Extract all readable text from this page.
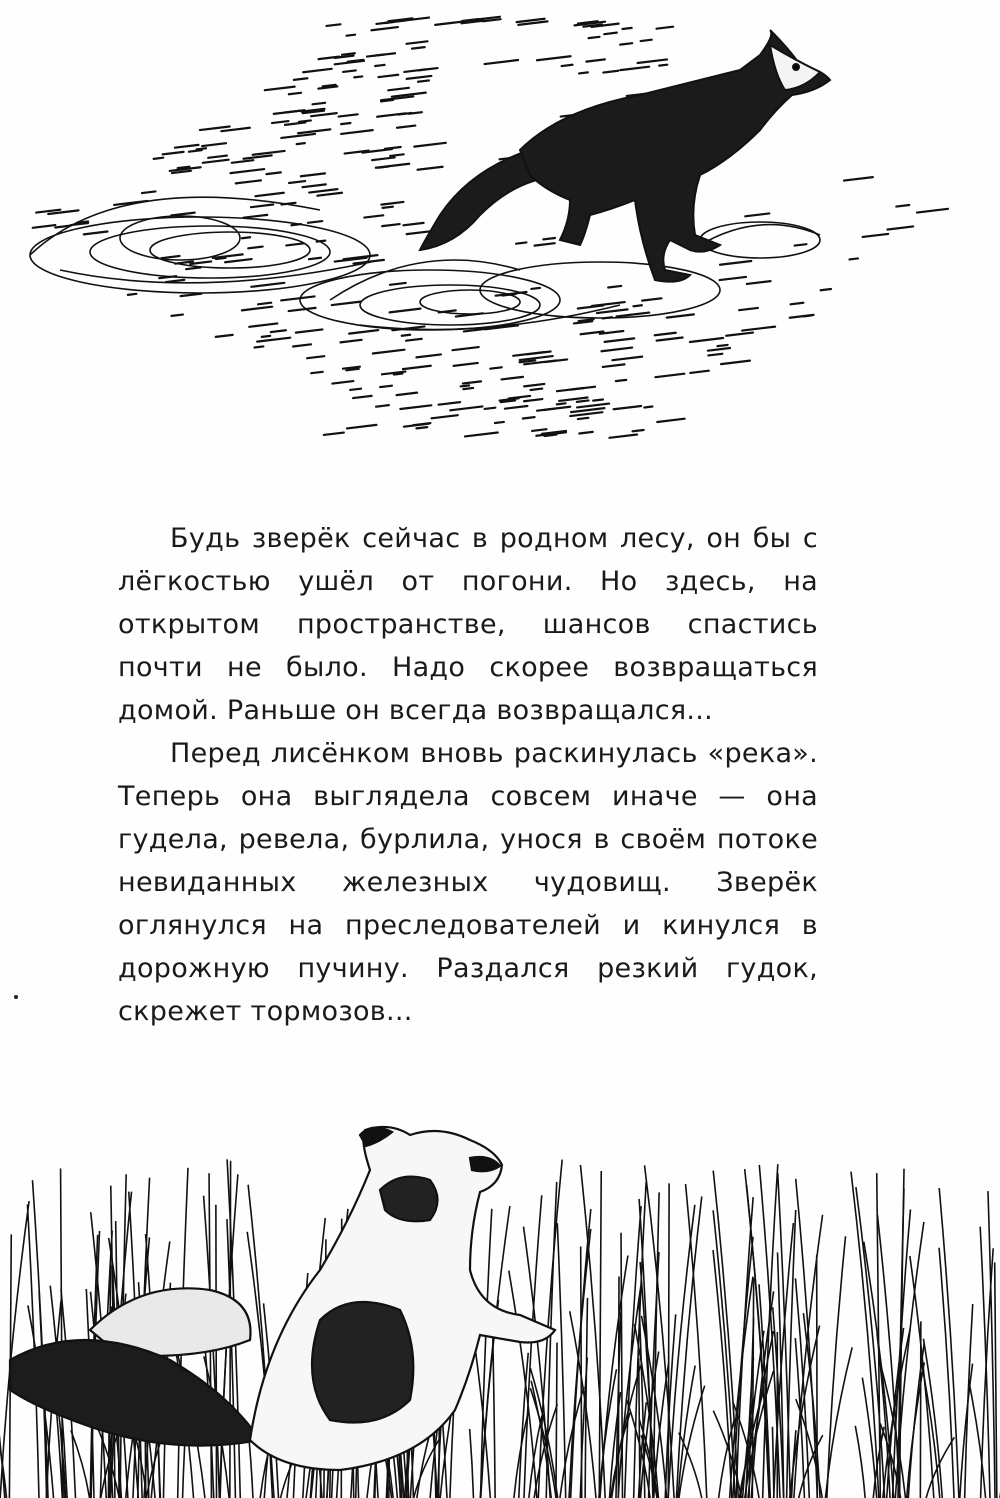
Будь зверёк сейчас в родном лесу, он бы с лёгкостью ушёл от погони. Но здесь, на открытом пространстве, шансов спастись почти не было. Надо скорее возвращаться домой. Раньше он всегда возвращался...

Перед лисёнком вновь раскинулась «река». Теперь она выглядела совсем иначе — она гудела, ревела, бурлила, унося в своём потоке невиданных железных чудовищ. Зверёк оглянулся на преследователей и кинулся в дорожную пучину. Раздался резкий гудок, скрежет тормозов...
